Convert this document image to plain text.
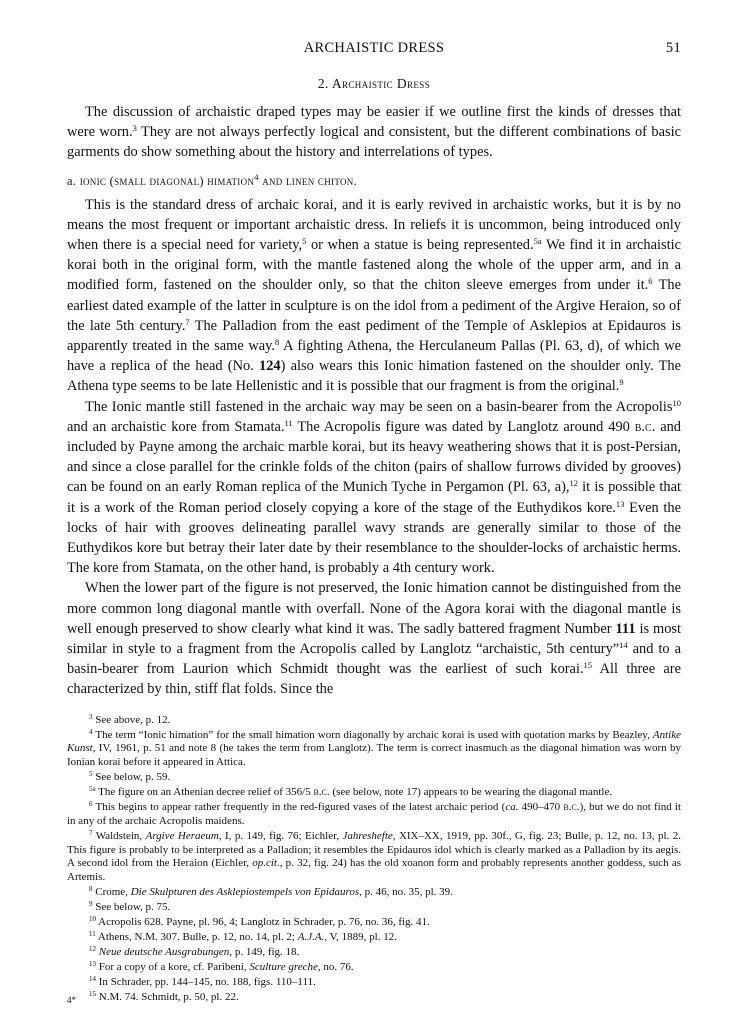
ARCHAISTIC DRESS	51
2. Archaistic Dress

The discussion of archaistic draped types may be easier if we outline first the kinds of dresses that were worn.$^3$ They are not always perfectly logical and consistent, but the different combinations of basic garments do show something about the history and interrelations of types.

a. ionic (small diagonal) himation$^4$ and linen chiton.

This is the standard dress of archaic korai, and it is early revived in archaistic works, but it is by no means the most frequent or important archaistic dress. In reliefs it is uncommon, being introduced only when there is a special need for variety,$^5$ or when a statue is being represented.$^{5a}$ We find it in archaistic korai both in the original form, with the mantle fastened along the whole of the upper arm, and in a modified form, fastened on the shoulder only, so that the chiton sleeve emerges from under it.$^6$ The earliest dated example of the latter in sculpture is on the idol from a pediment of the Argive Heraion, so of the late 5th century.$^7$ The Palladion from the east pediment of the Temple of Asklepios at Epidauros is apparently treated in the same way.$^8$ A fighting Athena, the Herculaneum Pallas (Pl. 63, d), of which we have a replica of the head (No. 124) also wears this Ionic himation fastened on the shoulder only. The Athena type seems to be late Hellenistic and it is possible that our fragment is from the original.$^9$

The Ionic mantle still fastened in the archaic way may be seen on a basin-bearer from the Acropolis$^{10}$ and an archaistic kore from Stamata.$^{11}$ The Acropolis figure was dated by Langlotz around 490 b.c. and included by Payne among the archaic marble korai, but its heavy weathering shows that it is post-Persian, and since a close parallel for the crinkle folds of the chiton (pairs of shallow furrows divided by grooves) can be found on an early Roman replica of the Munich Tyche in Pergamon (Pl. 63, a),$^{12}$ it is possible that it is a work of the Roman period closely copying a kore of the stage of the Euthydikos kore.$^{13}$ Even the locks of hair with grooves delineating parallel wavy strands are generally similar to those of the Euthydikos kore but betray their later date by their resemblance to the shoulder-locks of archaistic herms. The kore from Stamata, on the other hand, is probably a 4th century work.

When the lower part of the figure is not preserved, the Ionic himation cannot be distinguished from the more common long diagonal mantle with overfall. None of the Agora korai with the diagonal mantle is well enough preserved to show clearly what kind it was. The sadly battered fragment Number 111 is most similar in style to a fragment from the Acropolis called by Langlotz “archaistic, 5th century”$^{14}$ and to a basin-bearer from Laurion which Schmidt thought was the earliest of such korai.$^{15}$ All three are characterized by thin, stiff flat folds. Since the

$^3$ See above, p. 12.

$^4$ The term “Ionic himation” for the small himation worn diagonally by archaic korai is used with quotation marks by Beazley, Antike Kunst, IV, 1961, p. 51 and note 8 (he takes the term from Langlotz). The term is correct inasmuch as the diagonal himation was worn by Ionian korai before it appeared in Attica.

$^5$ See below, p. 59.

$^{5a}$ The figure on an Athenian decree relief of 356/5 b.c. (see below, note 17) appears to be wearing the diagonal mantle.

$^6$ This begins to appear rather frequently in the red-figured vases of the latest archaic period (ca. 490–470 b.c.), but we do not find it in any of the archaic Acropolis maidens.

$^7$ Waldstein, Argive Heraeum, I, p. 149, fig. 76; Eichler, Jahreshefte, XIX–XX, 1919, pp. 30f., G, fig. 23; Bulle, p. 12, no. 13, pl. 2. This figure is probably to be interpreted as a Palladion; it resembles the Epidauros idol which is clearly marked as a Palladion by its aegis. A second idol from the Heraion (Eichler, op.cit., p. 32, fig. 24) has the old xoanon form and probably represents another goddess, such as Artemis.

$^8$ Crome, Die Skulpturen des Asklepiostempels von Epidauros, p. 46, no. 35, pl. 39.

$^9$ See below, p. 75.

$^{10}$ Acropolis 628. Payne, pl. 96, 4; Langlotz in Schrader, p. 76, no. 36, fig. 41.

$^{11}$ Athens, N.M. 307. Bulle, p. 12, no. 14, pl. 2; A.J.A., V, 1889, pl. 12.

$^{12}$ Neue deutsche Ausgrabungen, p. 149, fig. 18.

$^{13}$ For a copy of a kore, cf. Paribeni, Sculture greche, no. 76.

$^{14}$ In Schrader, pp. 144–145, no. 188, figs. 110–111.

$^{15}$ N.M. 74. Schmidt, p. 50, pl. 22.

4*
